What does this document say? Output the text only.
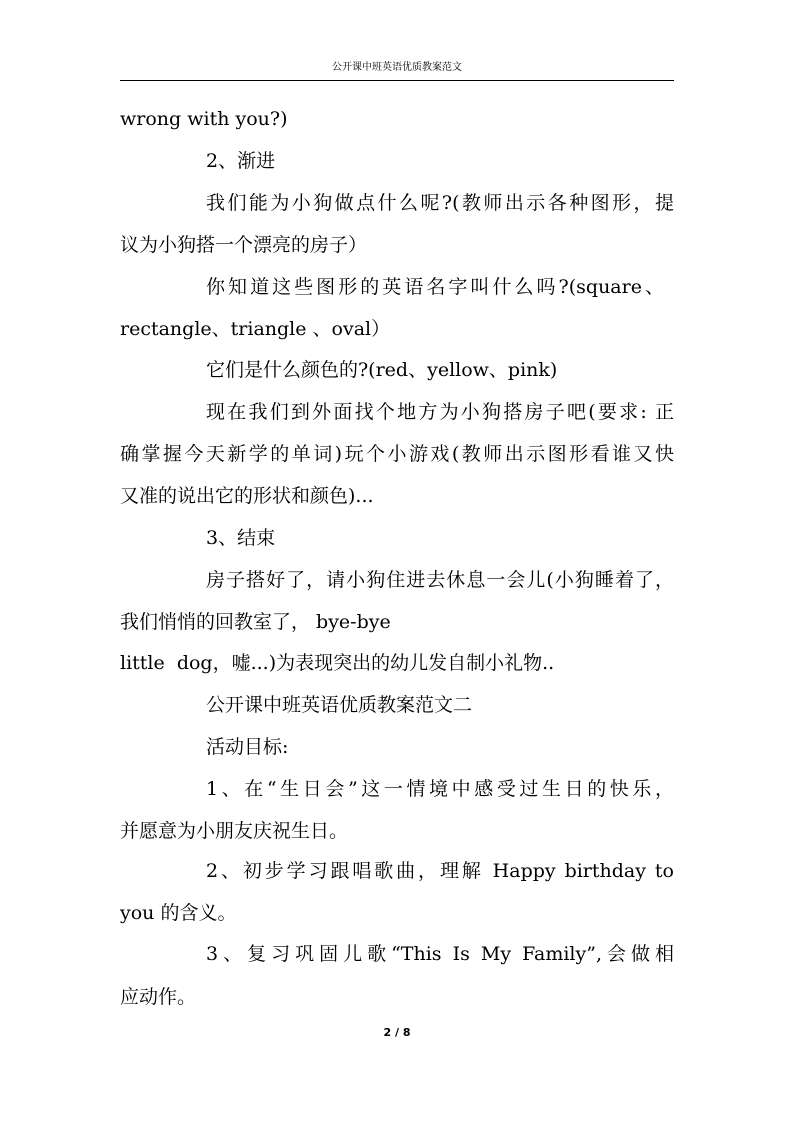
公开课中班英语优质教案范文

wrong with you?)

2、渐进

我们能为小狗做点什么呢?(教师出示各种图形，提

议为小狗搭一个漂亮的房子）

你知道这些图形的英语名字叫什么吗?(square、

rectangle、triangle 、oval）

它们是什么颜色的?(red、yellow、pink)

现在我们到外面找个地方为小狗搭房子吧(要求: 正

确掌握今天新学的单词)玩个小游戏(教师出示图形看谁又快

又准的说出它的形状和颜色)...

3、结束

房子搭好了，请小狗住进去休息一会儿(小狗睡着了，

我们悄悄的回教室了， bye-bye

little  dog，嘘...)为表现突出的幼儿发自制小礼物..

公开课中班英语优质教案范文二

活动目标:

1、在“生日会”这一情境中感受过生日的快乐，

并愿意为小朋友庆祝生日。

2、初步学习跟唱歌曲，理解 Happy birthday to

you 的含义。

3、复习巩固儿歌“This Is My Family”,会做相

应动作。

2 / 8
